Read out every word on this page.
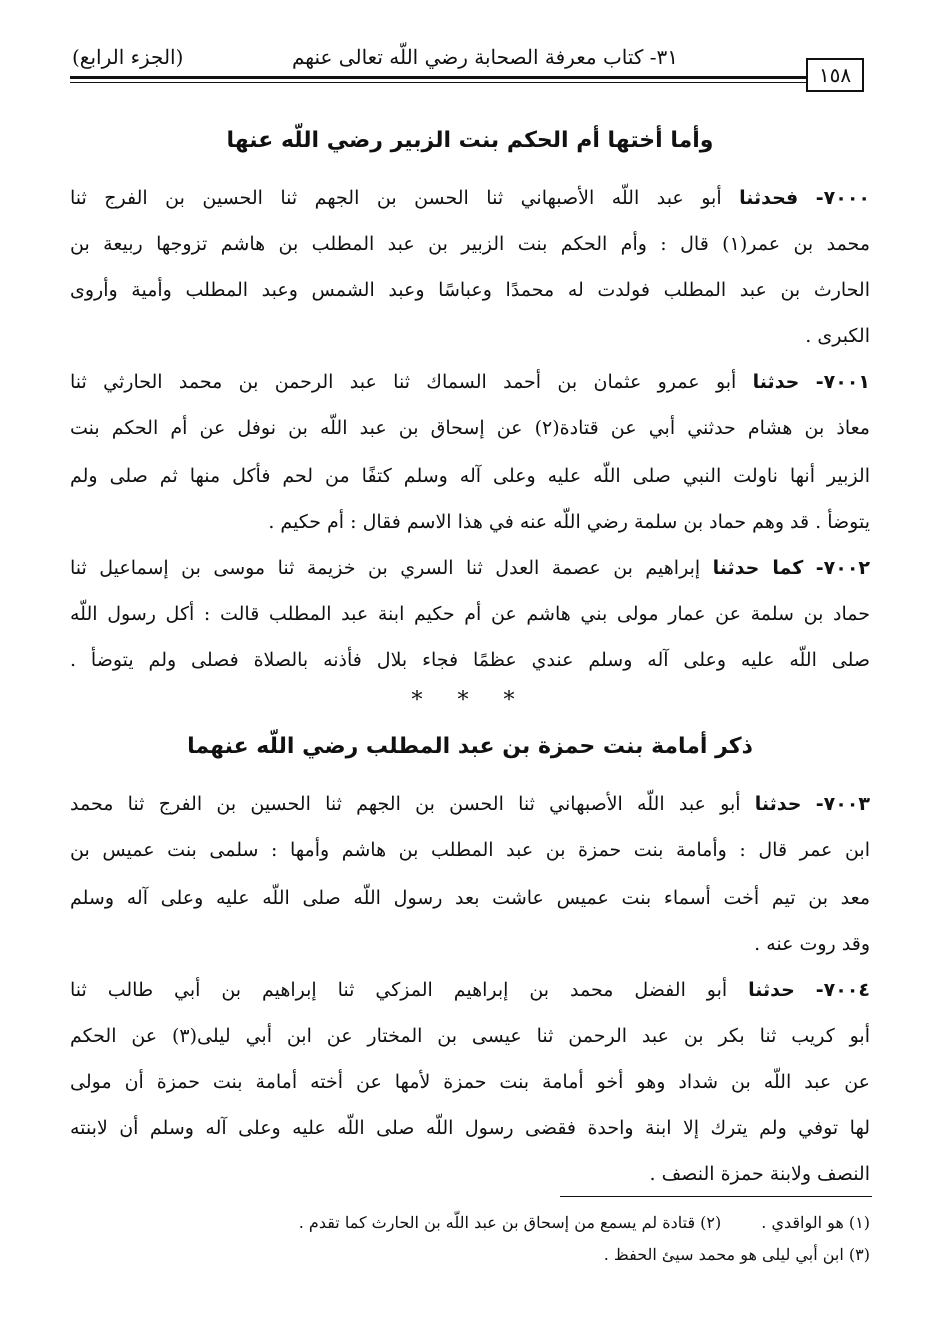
(الجزء الرابع)	٣١- كتاب معرفة الصحابة رضي اللّه تعالى عنهم
١٥٨
وأما أختها أم الحكم بنت الزبير رضي اللّه عنها
٧٠٠٠- فحدثنا أبو عبد اللّه الأصبهاني ثنا الحسن بن الجهم ثنا الحسين بن الفرج ثنا
محمد بن عمر(١) قال : وأم الحكم بنت الزبير بن عبد المطلب بن هاشم تزوجها ربيعة بن
الحارث بن عبد المطلب فولدت له محمدًا وعباسًا وعبد الشمس وعبد المطلب وأمية وأروى
الكبرى .
٧٠٠١- حدثنا أبو عمرو عثمان بن أحمد السماك ثنا عبد الرحمن بن محمد الحارثي ثنا
معاذ بن هشام حدثني أبي عن قتادة(٢) عن إسحاق بن عبد اللّه بن نوفل عن أم الحكم بنت
الزبير أنها ناولت النبي صلى اللّه عليه وعلى آله وسلم كتفًا من لحم فأكل منها ثم صلى ولم
يتوضأ . قد وهم حماد بن سلمة رضي اللّه عنه في هذا الاسم فقال : أم حكيم .
٧٠٠٢- كما حدثنا إبراهيم بن عصمة العدل ثنا السري بن خزيمة ثنا موسى بن إسماعيل ثنا
حماد بن سلمة عن عمار مولى بني هاشم عن أم حكيم ابنة عبد المطلب قالت : أكل رسول اللّه
صلى اللّه عليه وعلى آله وسلم عندي عظمًا فجاء بلال فأذنه بالصلاة فصلى ولم يتوضأ .
* * *
ذكر أمامة بنت حمزة بن عبد المطلب رضي اللّه عنهما
٧٠٠٣- حدثنا أبو عبد اللّه الأصبهاني ثنا الحسن بن الجهم ثنا الحسين بن الفرج ثنا محمد
ابن عمر قال : وأمامة بنت حمزة بن عبد المطلب بن هاشم وأمها : سلمى بنت عميس بن
معد بن تيم أخت أسماء بنت عميس عاشت بعد رسول اللّه صلى اللّه عليه وعلى آله وسلم
وقد روت عنه .
٧٠٠٤- حدثنا أبو الفضل محمد بن إبراهيم المزكي ثنا إبراهيم بن أبي طالب ثنا
أبو كريب ثنا بكر بن عبد الرحمن ثنا عيسى بن المختار عن ابن أبي ليلى(٣) عن الحكم
عن عبد اللّه بن شداد وهو أخو أمامة بنت حمزة لأمها عن أخته أمامة بنت حمزة أن مولى
لها توفي ولم يترك إلا ابنة واحدة فقضى رسول اللّه صلى اللّه عليه وعلى آله وسلم أن لابنته
النصف ولابنة حمزة النصف .
(١) هو الواقدي .(٢) قتادة لم يسمع من إسحاق بن عبد اللّه بن الحارث كما تقدم .
(٣) ابن أبي ليلى هو محمد سيئ الحفظ .
